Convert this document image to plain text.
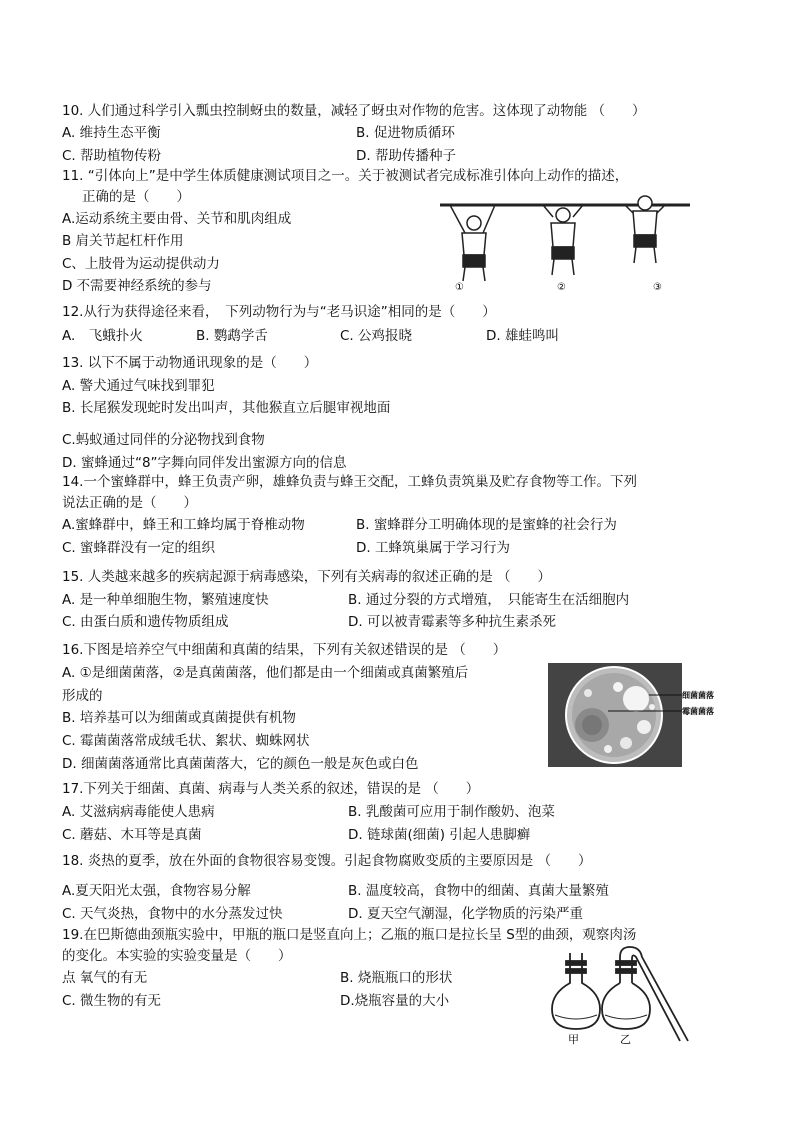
10. 人们通过科学引入瓢虫控制蚜虫的数量，减轻了蚜虫对作物的危害。这体现了动物能 （　　）
A. 维持生态平衡	B. 促进物质循环
C. 帮助植物传粉	D. 帮助传播种子
11. “引体向上”是中学生体质健康测试项目之一。关于被测试者完成标准引体向上动作的描述，
正确的是（　　）
A.运动系统主要由骨、关节和肌肉组成
B 肩关节起杠杆作用
C、上肢骨为运动提供动力
D 不需要神经系统的参与	①	②	③
12.从行为获得途径来看，　下列动物行为与“老马识途”相同的是（　　）
A.　飞蛾扑火	B. 鹦鹉学舌	C. 公鸡报晓	D. 雄蛙鸣叫
13. 以下不属于动物通讯现象的是（　　）
A. 警犬通过气味找到罪犯
B. 长尾猴发现蛇时发出叫声，其他猴直立后腿审视地面
C.蚂蚁通过同伴的分泌物找到食物
D. 蜜蜂通过“8”字舞向同伴发出蜜源方向的信息
14.一个蜜蜂群中，蜂王负责产卵，雄蜂负责与蜂王交配，工蜂负责筑巢及贮存食物等工作。下列
说法正确的是（　　）
A.蜜蜂群中，蜂王和工蜂均属于脊椎动物	B. 蜜蜂群分工明确体现的是蜜蜂的社会行为
C. 蜜蜂群没有一定的组织	D. 工蜂筑巢属于学习行为
15. 人类越来越多的疾病起源于病毒感染，下列有关病毒的叙述正确的是 （　　）
A. 是一种单细胞生物，繁殖速度快	B. 通过分裂的方式增殖，　只能寄生在活细胞内
C. 由蛋白质和遗传物质组成	D. 可以被青霉素等多种抗生素杀死
16.下图是培养空气中细菌和真菌的结果，下列有关叙述错误的是 （　　）
A. ①是细菌菌落，②是真菌菌落，他们都是由一个细菌或真菌繁殖后
形成的
B. 培养基可以为细菌或真菌提供有机物
C. 霉菌菌落常成绒毛状、絮状、蜘蛛网状
D. 细菌菌落通常比真菌菌落大，它的颜色一般是灰色或白色
细菌菌落
霉菌菌落
17.下列关于细菌、真菌、病毒与人类关系的叙述，错误的是 （　　）
A. 艾滋病病毒能使人患病	B. 乳酸菌可应用于制作酸奶、泡菜
C. 蘑菇、木耳等是真菌	D. 链球菌(细菌) 引起人患脚癣
18. 炎热的夏季，放在外面的食物很容易变馊。引起食物腐败变质的主要原因是 （　　）
A.夏天阳光太强，食物容易分解	B. 温度较高，食物中的细菌、真菌大量繁殖
C. 天气炎热，食物中的水分蒸发过快	D. 夏天空气潮湿，化学物质的污染严重
19.在巴斯德曲颈瓶实验中，甲瓶的瓶口是竖直向上；乙瓶的瓶口是拉长呈 S型的曲颈，观察肉汤
的变化。本实验的实验变量是（　　）
点 氧气的有无	B. 烧瓶瓶口的形状
C. 微生物的有无	D.烧瓶容量的大小
甲	乙
